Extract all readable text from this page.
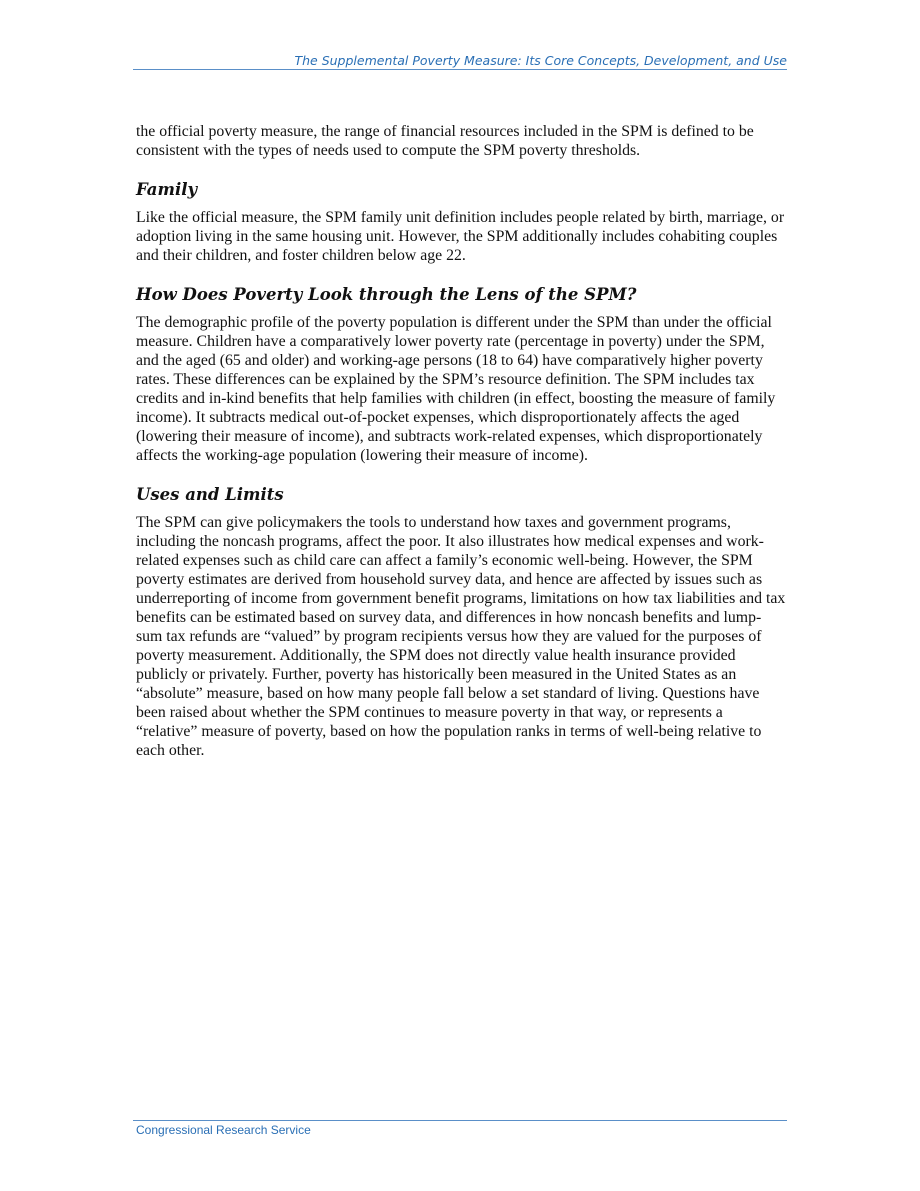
The Supplemental Poverty Measure: Its Core Concepts, Development, and Use

the official poverty measure, the range of financial resources included in the SPM is defined to be consistent with the types of needs used to compute the SPM poverty thresholds.

Family

Like the official measure, the SPM family unit definition includes people related by birth, marriage, or adoption living in the same housing unit. However, the SPM additionally includes cohabiting couples and their children, and foster children below age 22.

How Does Poverty Look through the Lens of the SPM?

The demographic profile of the poverty population is different under the SPM than under the official measure. Children have a comparatively lower poverty rate (percentage in poverty) under the SPM, and the aged (65 and older) and working-age persons (18 to 64) have comparatively higher poverty rates. These differences can be explained by the SPM’s resource definition. The SPM includes tax credits and in-kind benefits that help families with children (in effect, boosting the measure of family income). It subtracts medical out-of-pocket expenses, which disproportionately affects the aged (lowering their measure of income), and subtracts work-related expenses, which disproportionately affects the working-age population (lowering their measure of income).

Uses and Limits

The SPM can give policymakers the tools to understand how taxes and government programs, including the noncash programs, affect the poor. It also illustrates how medical expenses and work-related expenses such as child care can affect a family’s economic well-being. However, the SPM poverty estimates are derived from household survey data, and hence are affected by issues such as underreporting of income from government benefit programs, limitations on how tax liabilities and tax benefits can be estimated based on survey data, and differences in how noncash benefits and lump-sum tax refunds are “valued” by program recipients versus how they are valued for the purposes of poverty measurement. Additionally, the SPM does not directly value health insurance provided publicly or privately. Further, poverty has historically been measured in the United States as an “absolute” measure, based on how many people fall below a set standard of living. Questions have been raised about whether the SPM continues to measure poverty in that way, or represents a “relative” measure of poverty, based on how the population ranks in terms of well-being relative to each other.

Congressional Research Service
